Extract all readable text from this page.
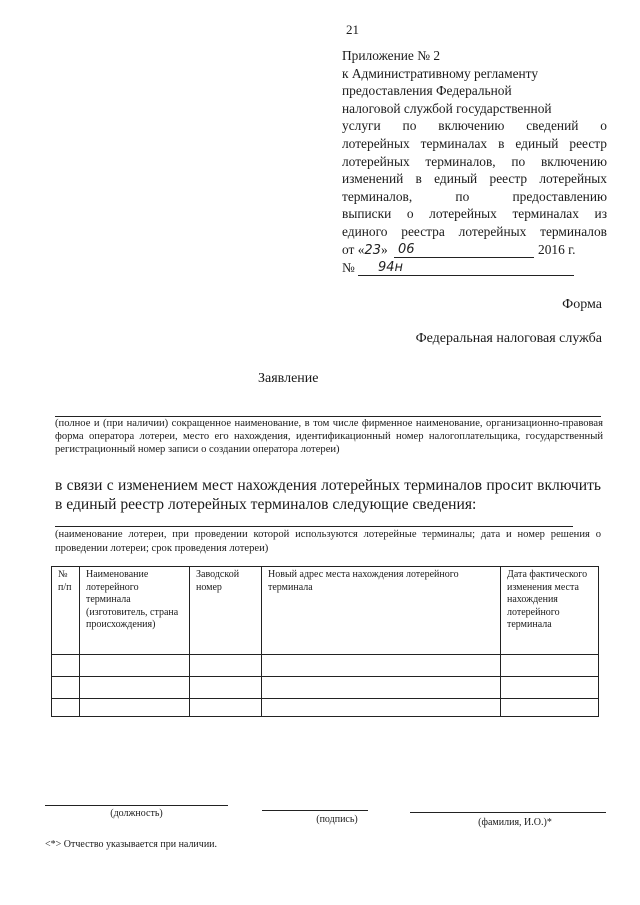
21
Приложение № 2
к Административному регламенту
предоставления Федеральной
налоговой службой государственной
услуги по включению сведений о
лотерейных терминалах в единый реестр
лотерейных терминалов, по включению
изменений в единый реестр лотерейных
терминалов, по предоставлению
выписки о лотерейных терминалах из
единого реестра лотерейных терминалов
от «23» 06	2016 г.
№ 94н
Форма
Федеральная налоговая служба
Заявление
(полное и (при наличии) сокращенное наименование, в том числе фирменное наименование, организационно-правовая форма оператора лотереи, место его нахождения, идентификационный номер налогоплательщика, государственный регистрационный номер записи о создании оператора лотереи)
в связи с изменением мест нахождения лотерейных терминалов просит включить в единый реестр лотерейных терминалов следующие сведения:
(наименование лотереи, при проведении которой используются лотерейные терминалы; дата и номер решения о проведении лотереи; срок проведения лотереи)
№ п/п	Наименование лотерейного терминала (изготовитель, страна происхождения)	Заводской номер	Новый адрес места нахождения лотерейного терминала	Дата фактического изменения места нахождения лотерейного терминала

(должность)
(подпись)	(фамилия, И.О.)*
<*> Отчество указывается при наличии.
